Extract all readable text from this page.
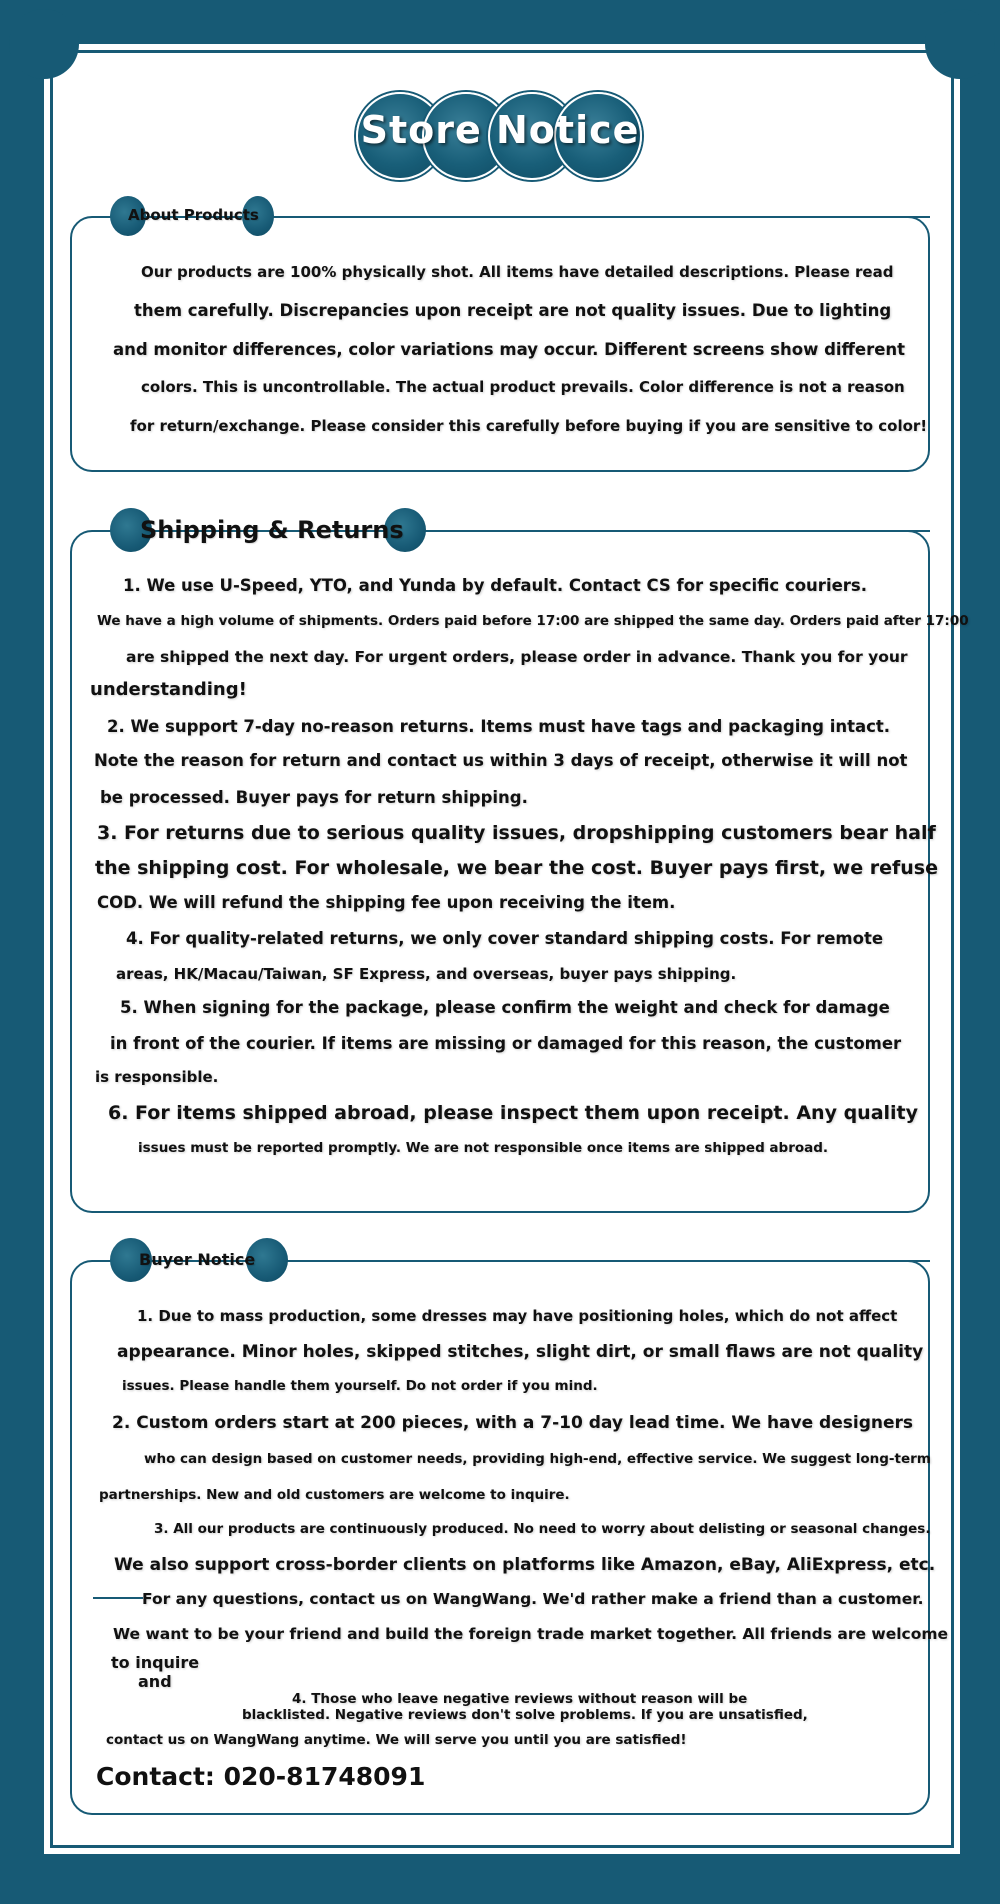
Store Notice
About Products
Our products are 100% physically shot. All items have detailed descriptions. Please read
them carefully. Discrepancies upon receipt are not quality issues. Due to lighting
and monitor differences, color variations may occur. Different screens show different
colors. This is uncontrollable. The actual product prevails. Color difference is not a reason
for return/exchange. Please consider this carefully before buying if you are sensitive to color!
Shipping & Returns
1. We use U-Speed, YTO, and Yunda by default. Contact CS for specific couriers.
We have a high volume of shipments. Orders paid before 17:00 are shipped the same day. Orders paid after 17:00
are shipped the next day. For urgent orders, please order in advance. Thank you for your
understanding!
2. We support 7-day no-reason returns. Items must have tags and packaging intact.
Note the reason for return and contact us within 3 days of receipt, otherwise it will not
be processed. Buyer pays for return shipping.
3. For returns due to serious quality issues, dropshipping customers bear half
the shipping cost. For wholesale, we bear the cost. Buyer pays first, we refuse
COD. We will refund the shipping fee upon receiving the item.
4. For quality-related returns, we only cover standard shipping costs. For remote
areas, HK/Macau/Taiwan, SF Express, and overseas, buyer pays shipping.
5. When signing for the package, please confirm the weight and check for damage
in front of the courier. If items are missing or damaged for this reason, the customer
is responsible.
6. For items shipped abroad, please inspect them upon receipt. Any quality
issues must be reported promptly. We are not responsible once items are shipped abroad.
Buyer Notice
1. Due to mass production, some dresses may have positioning holes, which do not affect
appearance. Minor holes, skipped stitches, slight dirt, or small flaws are not quality
issues. Please handle them yourself. Do not order if you mind.
2. Custom orders start at 200 pieces, with a 7-10 day lead time. We have designers
who can design based on customer needs, providing high-end, effective service. We suggest long-term
partnerships. New and old customers are welcome to inquire.
3. All our products are continuously produced. No need to worry about delisting or seasonal changes.
We also support cross-border clients on platforms like Amazon, eBay, AliExpress, etc.
For any questions, contact us on WangWang. We'd rather make a friend than a customer.
We want to be your friend and build the foreign trade market together. All friends are welcome
to inquire
and
4. Those who leave negative reviews without reason will be
blacklisted. Negative reviews don't solve problems. If you are unsatisfied,
contact us on WangWang anytime. We will serve you until you are satisfied!
Contact: 020-81748091
